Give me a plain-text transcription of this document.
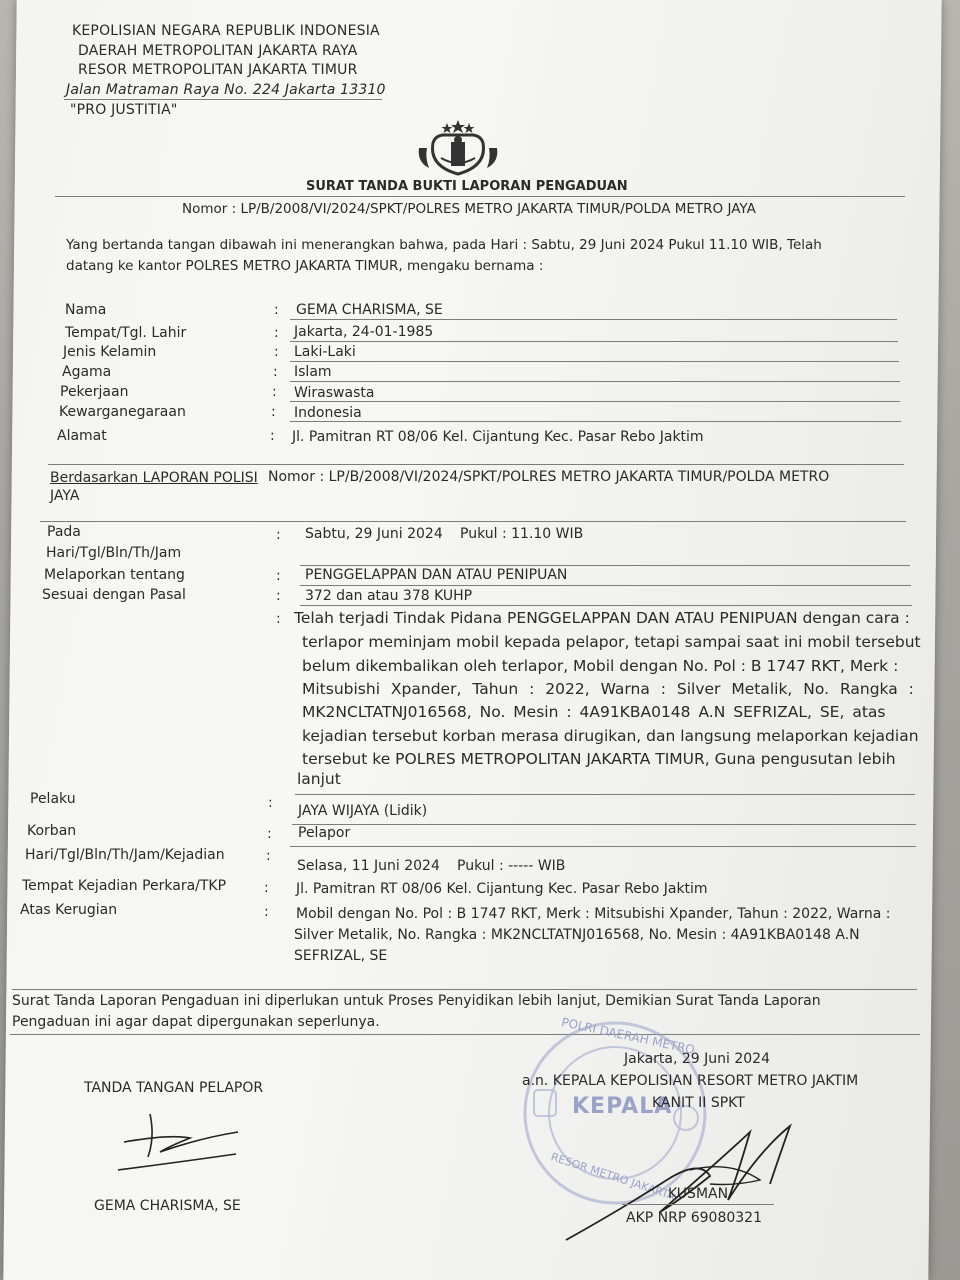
KEPOLISIAN NEGARA REPUBLIK INDONESIA
DAERAH METROPOLITAN JAKARTA RAYA
RESOR METROPOLITAN JAKARTA TIMUR
Jalan Matraman Raya No. 224 Jakarta 13310
"PRO JUSTITIA"
SURAT TANDA BUKTI LAPORAN PENGADUAN
Nomor : LP/B/2008/VI/2024/SPKT/POLRES METRO JAKARTA TIMUR/POLDA METRO JAYA
Yang bertanda tangan dibawah ini menerangkan bahwa, pada Hari : Sabtu, 29 Juni 2024 Pukul 11.10 WIB, Telah
datang ke kantor POLRES METRO JAKARTA TIMUR, mengaku bernama :
Nama	: GEMA CHARISMA, SE
Tempat/Tgl. Lahir	: Jakarta, 24-01-1985
Jenis Kelamin	: Laki-Laki
Agama	: Islam
Pekerjaan	: Wiraswasta
Kewarganegaraan	: Indonesia
Alamat	: Jl. Pamitran RT 08/06 Kel. Cijantung Kec. Pasar Rebo Jaktim
Berdasarkan LAPORAN POLISI Nomor : LP/B/2008/VI/2024/SPKT/POLRES METRO JAKARTA TIMUR/POLDA METRO
JAYA
Pada
Hari/Tgl/Bln/Th/Jam
: Sabtu, 29 Juni 2024 Pukul : 11.10 WIB
Melaporkan tentang	: PENGGELAPPAN DAN ATAU PENIPUAN
Sesuai dengan Pasal	: 372 dan atau 378 KUHP
: Telah terjadi Tindak Pidana PENGGELAPPAN DAN ATAU PENIPUAN dengan cara :
terlapor meminjam mobil kepada pelapor, tetapi sampai saat ini mobil tersebut
belum dikembalikan oleh terlapor, Mobil dengan No. Pol : B 1747 RKT, Merk :
Mitsubishi Xpander, Tahun : 2022, Warna : Silver Metalik, No. Rangka :
MK2NCLTATNJ016568, No. Mesin : 4A91KBA0148 A.N SEFRIZAL, SE, atas
kejadian tersebut korban merasa dirugikan, dan langsung melaporkan kejadian
tersebut ke POLRES METROPOLITAN JAKARTA TIMUR, Guna pengusutan lebih
lanjut
Pelaku	: JAYA WIJAYA (Lidik)
Korban	: Pelapor
Hari/Tgl/Bln/Th/Jam/Kejadian	:
Selasa, 11 Juni 2024 Pukul : ----- WIB
Tempat Kejadian Perkara/TKP	: Jl. Pamitran RT 08/06 Kel. Cijantung Kec. Pasar Rebo Jaktim
Atas Kerugian	: Mobil dengan No. Pol : B 1747 RKT, Merk : Mitsubishi Xpander, Tahun : 2022, Warna :
Silver Metalik, No. Rangka : MK2NCLTATNJ016568, No. Mesin : 4A91KBA0148 A.N
SEFRIZAL, SE
Surat Tanda Laporan Pengaduan ini diperlukan untuk Proses Penyidikan lebih lanjut, Demikian Surat Tanda Laporan
Pengaduan ini agar dapat dipergunakan seperlunya.	POLRI DAERAH METRO
KEPALA
RESOR METRO JAKARTA
TANDA TANGAN PELAPOR
GEMA CHARISMA, SE
Jakarta, 29 Juni 2024
a.n. KEPALA KEPOLISIAN RESORT METRO JAKTIM
KANIT II SPKT
KUSMAN
AKP NRP 69080321
